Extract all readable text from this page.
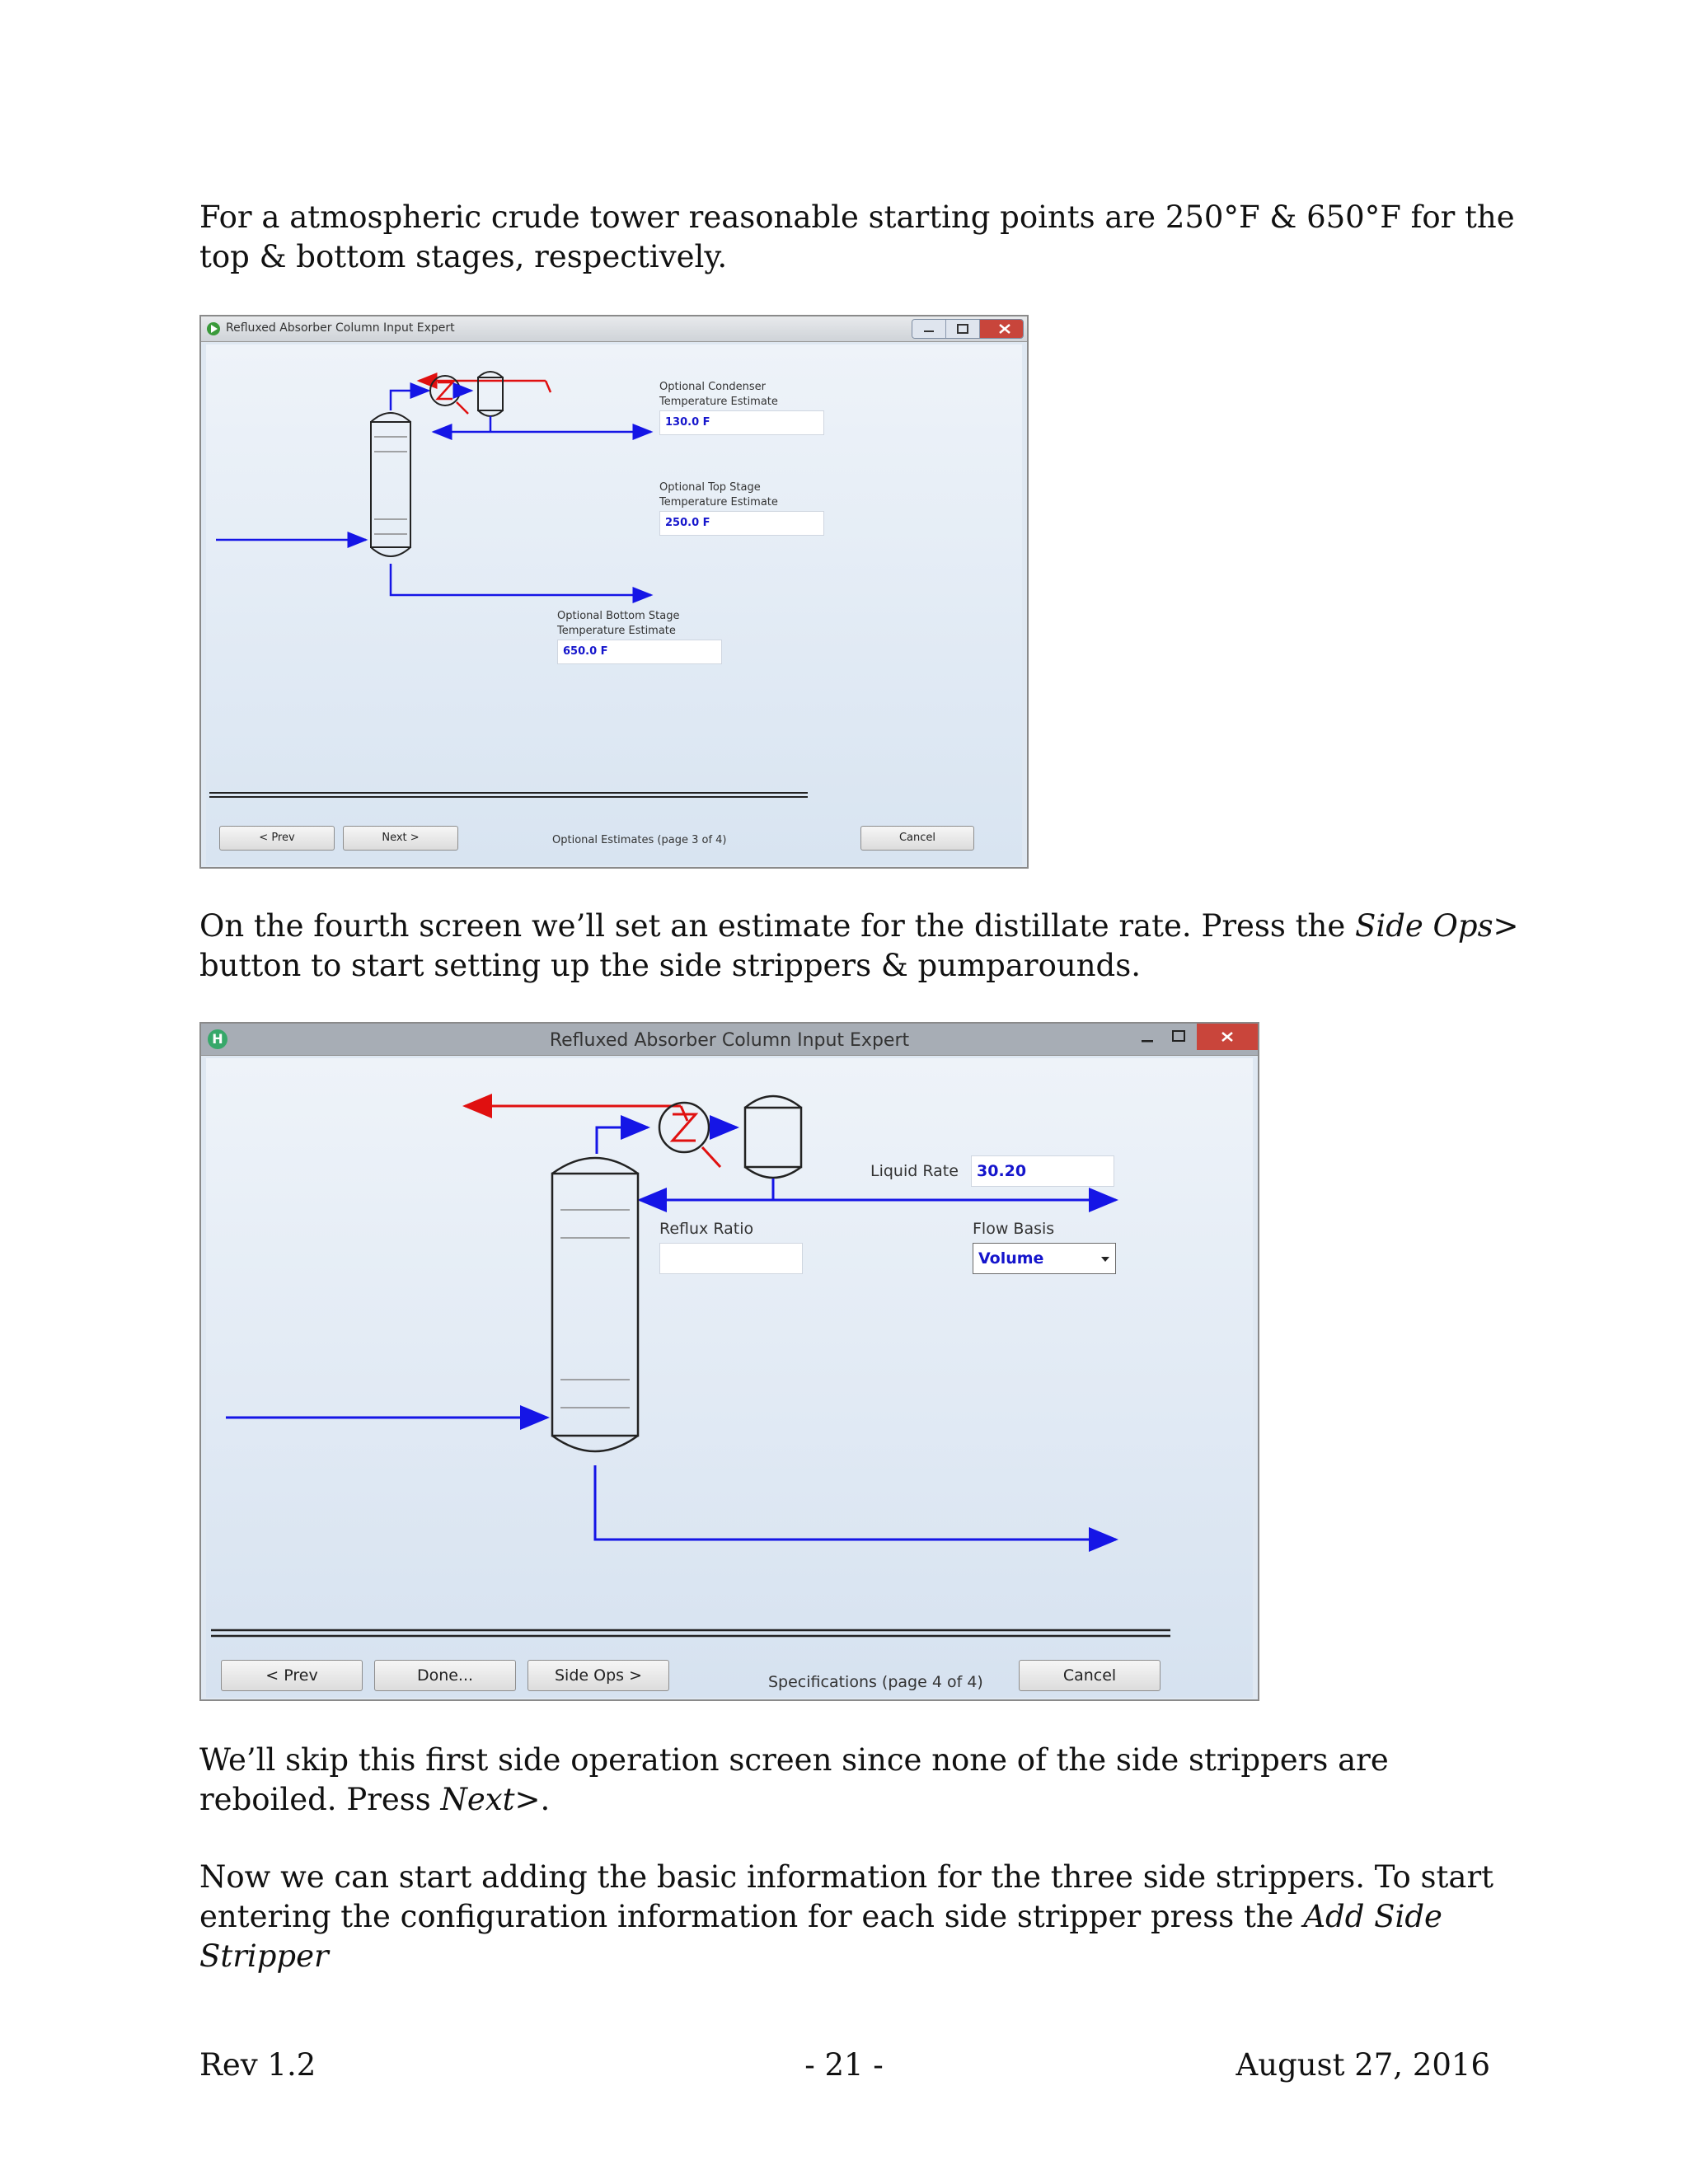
For a atmospheric crude tower reasonable starting points are 250°F & 650°F for the top & bottom stages, respectively.

Refluxed Absorber Column Input Expert
Optional Condenser
Temperature Estimate
130.0 F
Optional Top Stage
Temperature Estimate
250.0 F
Optional Bottom Stage
Temperature Estimate
650.0 F
< Prev	Next >	Optional Estimates (page 3 of 4)	Cancel

On the fourth screen we’ll set an estimate for the distillate rate. Press the Side Ops> button to start setting up the side strippers & pumparounds.

H	Refluxed Absorber Column Input Expert
Liquid Rate	30.20
Reflux Ratio	Flow Basis
Volume
< Prev	Done...	Side Ops >	Specifications (page 4 of 4)	Cancel

We’ll skip this first side operation screen since none of the side strippers are reboiled. Press Next>.

Now we can start adding the basic information for the three side strippers. To start entering the configuration information for each side stripper press the Add Side Stripper

Rev 1.2	- 21 -	August 27, 2016
